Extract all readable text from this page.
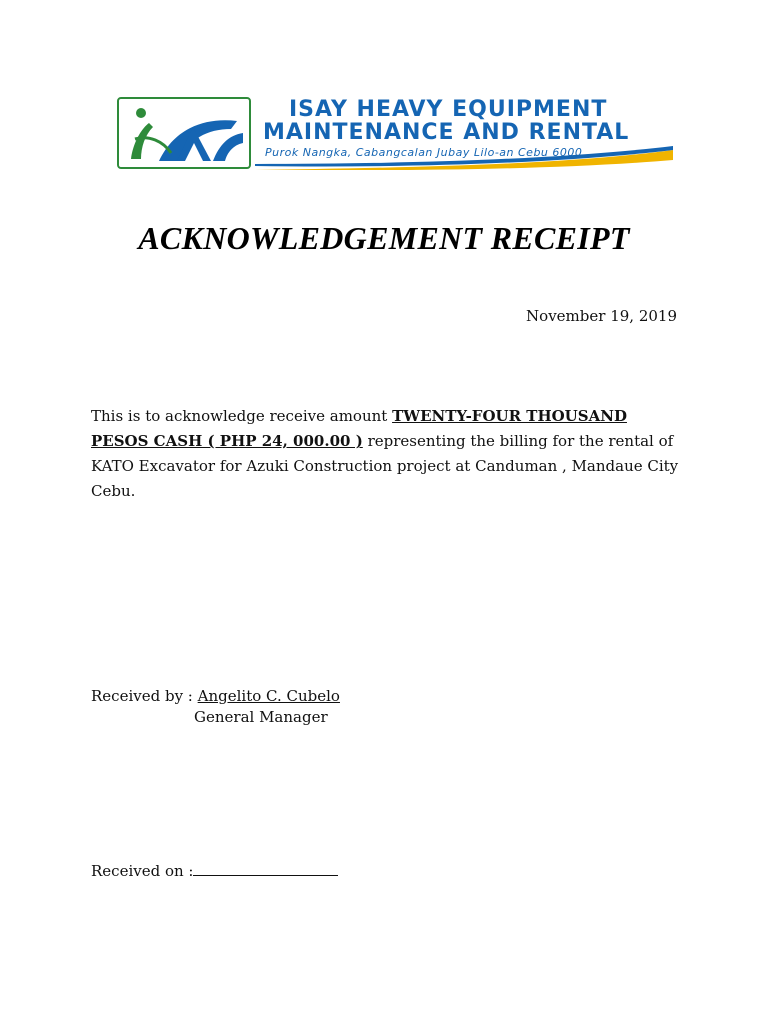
ISAY HEAVY EQUIPMENT
MAINTENANCE AND RENTAL
Purok Nangka, Cabangcalan Jubay Lilo-an Cebu 6000
ACKNOWLEDGEMENT RECEIPT
November 19, 2019
This is to acknowledge receive amount TWENTY-FOUR THOUSAND PESOS CASH ( PHP 24, 000.00 ) representing the billing for the rental of KATO Excavator for Azuki Construction project at Canduman , Mandaue City Cebu.
Received by : Angelito C. Cubelo
General Manager
Received on :
